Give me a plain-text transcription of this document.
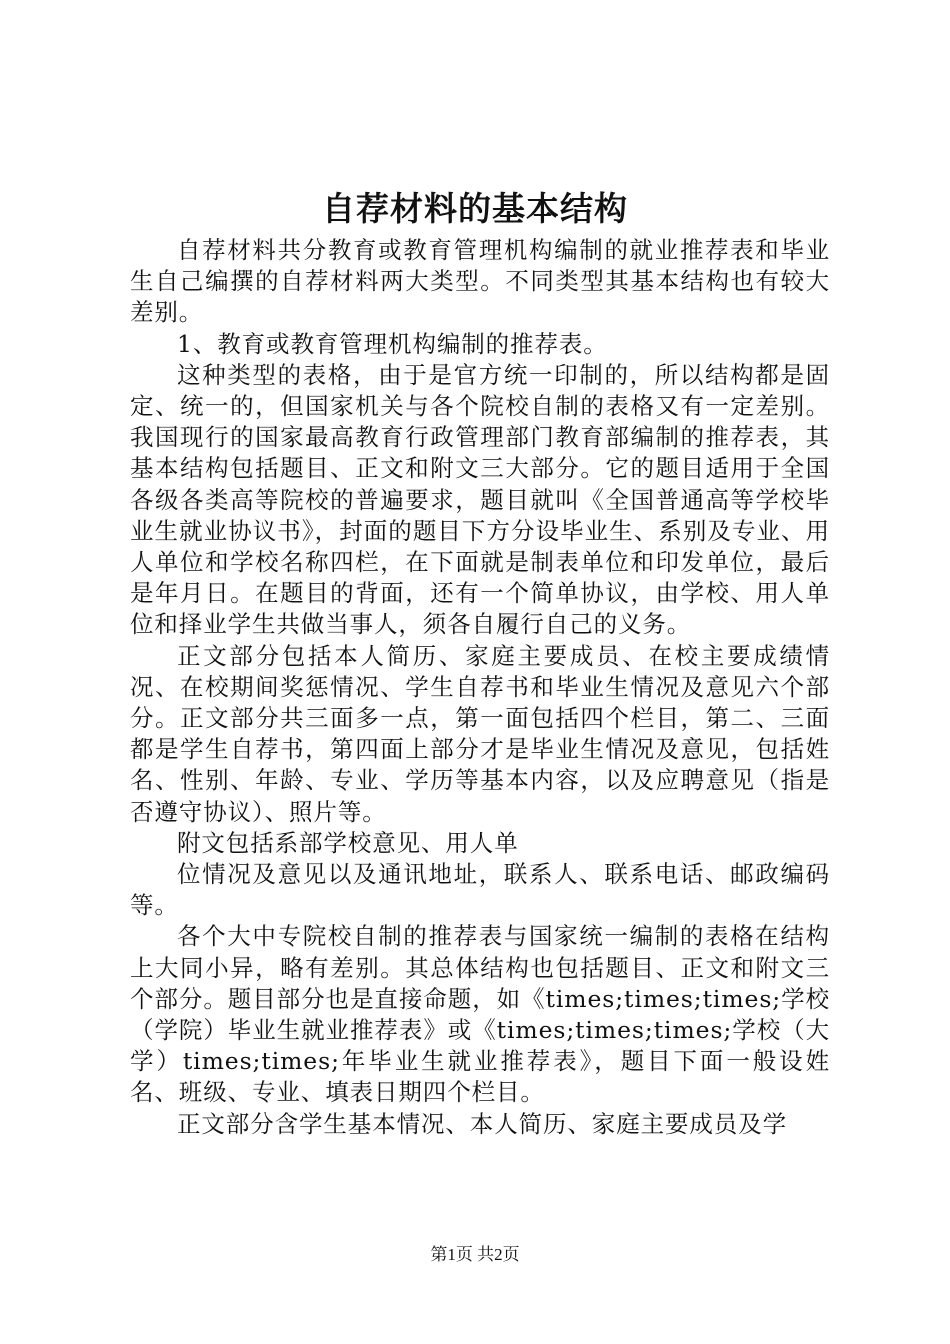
自荐材料的基本结构

自荐材料共分教育或教育管理机构编制的就业推荐表和毕业生自己编撰的自荐材料两大类型。不同类型其基本结构也有较大差别。

1、教育或教育管理机构编制的推荐表。

这种类型的表格，由于是官方统一印制的，所以结构都是固定、统一的，但国家机关与各个院校自制的表格又有一定差别。我国现行的国家最高教育行政管理部门教育部编制的推荐表，其基本结构包括题目、正文和附文三大部分。它的题目适用于全国各级各类高等院校的普遍要求，题目就叫《全国普通高等学校毕业生就业协议书》，封面的题目下方分设毕业生、系别及专业、用人单位和学校名称四栏，在下面就是制表单位和印发单位，最后是年月日。在题目的背面，还有一个简单协议，由学校、用人单位和择业学生共做当事人，须各自履行自己的义务。

正文部分包括本人简历、家庭主要成员、在校主要成绩情况、在校期间奖惩情况、学生自荐书和毕业生情况及意见六个部分。正文部分共三面多一点，第一面包括四个栏目，第二、三面都是学生自荐书，第四面上部分才是毕业生情况及意见，包括姓名、性别、年龄、专业、学历等基本内容，以及应聘意见（指是否遵守协议）、照片等。

附文包括系部学校意见、用人单

位情况及意见以及通讯地址，联系人、联系电话、邮政编码等。

各个大中专院校自制的推荐表与国家统一编制的表格在结构上大同小异，略有差别。其总体结构也包括题目、正文和附文三个部分。题目部分也是直接命题，如《times;times;times;学校（学院）毕业生就业推荐表》或《times;times;times;学校（大学）times;times;年毕业生就业推荐表》，题目下面一般设姓名、班级、专业、填表日期四个栏目。

正文部分含学生基本情况、本人简历、家庭主要成员及学

第1页 共2页
